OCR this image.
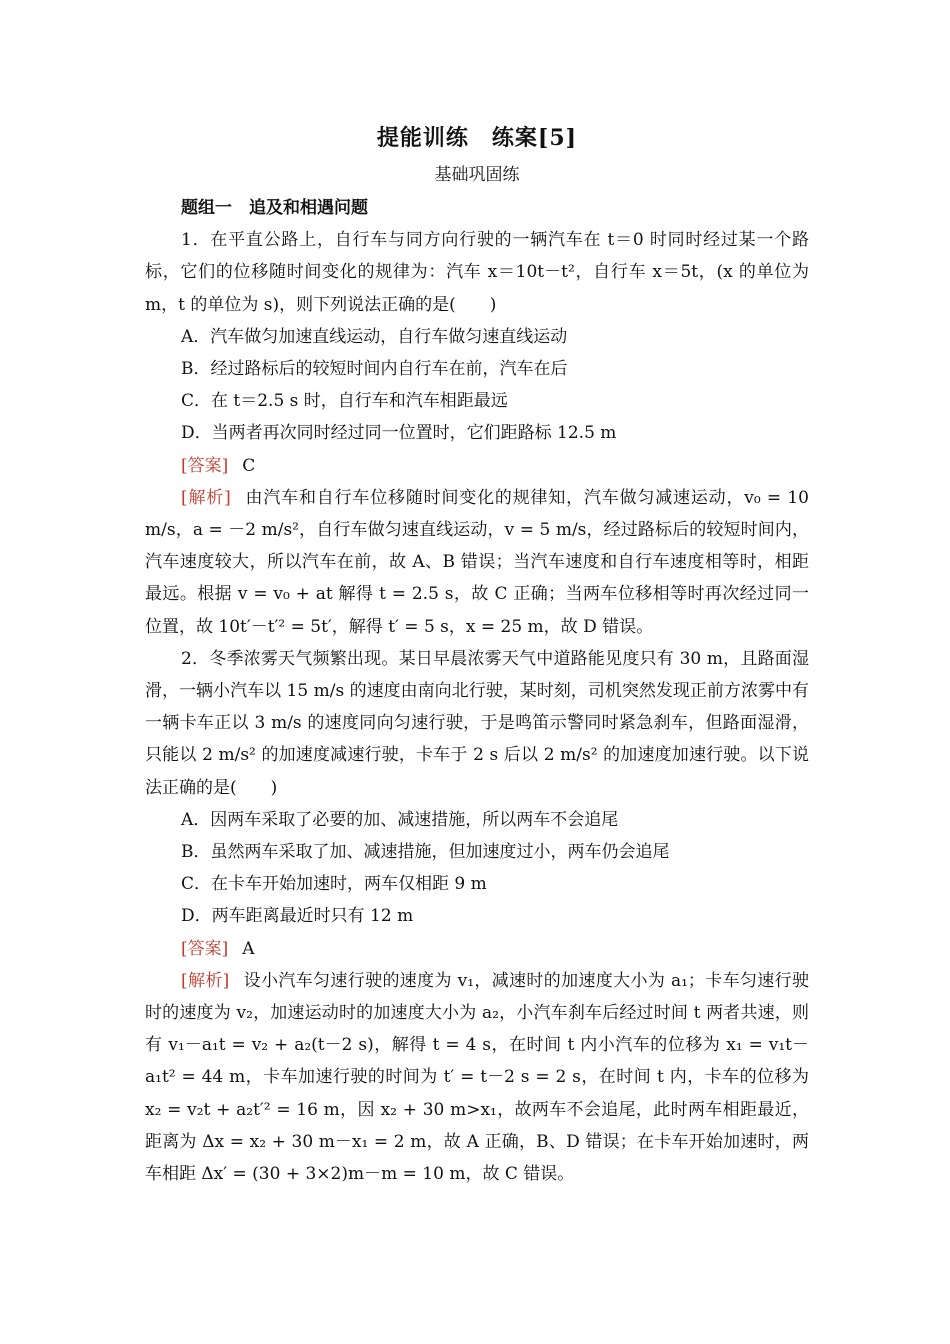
提能训练　练案[5]

基础巩固练

题组一　追及和相遇问题

1．在平直公路上，自行车与同方向行驶的一辆汽车在 t＝0 时同时经过某一个路标，它们的位移随时间变化的规律为：汽车 x＝10t－t²，自行车 x＝5t，(x 的单位为 m，t 的单位为 s)，则下列说法正确的是(　　)

A．汽车做匀加速直线运动，自行车做匀速直线运动

B．经过路标后的较短时间内自行车在前，汽车在后

C．在 t＝2.5 s 时，自行车和汽车相距最远

D．当两者再次同时经过同一位置时，它们距路标 12.5 m

[答案] C

[解析] 由汽车和自行车位移随时间变化的规律知，汽车做匀减速运动，v₀ = 10 m/s，a = －2 m/s²，自行车做匀速直线运动，v = 5 m/s，经过路标后的较短时间内，汽车速度较大，所以汽车在前，故 A、B 错误；当汽车速度和自行车速度相等时，相距最远。根据 v = v₀ + at 解得 t = 2.5 s，故 C 正确；当两车位移相等时再次经过同一位置，故 10t′－t′² = 5t′，解得 t′ = 5 s，x = 25 m，故 D 错误。

2．冬季浓雾天气频繁出现。某日早晨浓雾天气中道路能见度只有 30 m，且路面湿滑，一辆小汽车以 15 m/s 的速度由南向北行驶，某时刻，司机突然发现正前方浓雾中有一辆卡车正以 3 m/s 的速度同向匀速行驶，于是鸣笛示警同时紧急刹车，但路面湿滑，只能以 2 m/s² 的加速度减速行驶，卡车于 2 s 后以 2 m/s² 的加速度加速行驶。以下说法正确的是(　　)

A．因两车采取了必要的加、减速措施，所以两车不会追尾

B．虽然两车采取了加、减速措施，但加速度过小，两车仍会追尾

C．在卡车开始加速时，两车仅相距 9 m

D．两车距离最近时只有 12 m

[答案] A

[解析] 设小汽车匀速行驶的速度为 v₁，减速时的加速度大小为 a₁；卡车匀速行驶时的速度为 v₂，加速运动时的加速度大小为 a₂，小汽车刹车后经过时间 t 两者共速，则有 v₁－a₁t = v₂ + a₂(t－2 s)，解得 t = 4 s，在时间 t 内小汽车的位移为 x₁ = v₁t－a₁t² = 44 m，卡车加速行驶的时间为 t′ = t－2 s = 2 s，在时间 t 内，卡车的位移为 x₂ = v₂t + a₂t′² = 16 m，因 x₂ + 30 m>x₁，故两车不会追尾，此时两车相距最近，距离为 Δx = x₂ + 30 m－x₁ = 2 m，故 A 正确，B、D 错误；在卡车开始加速时，两车相距 Δx′ = (30 + 3×2)m－m = 10 m，故 C 错误。
